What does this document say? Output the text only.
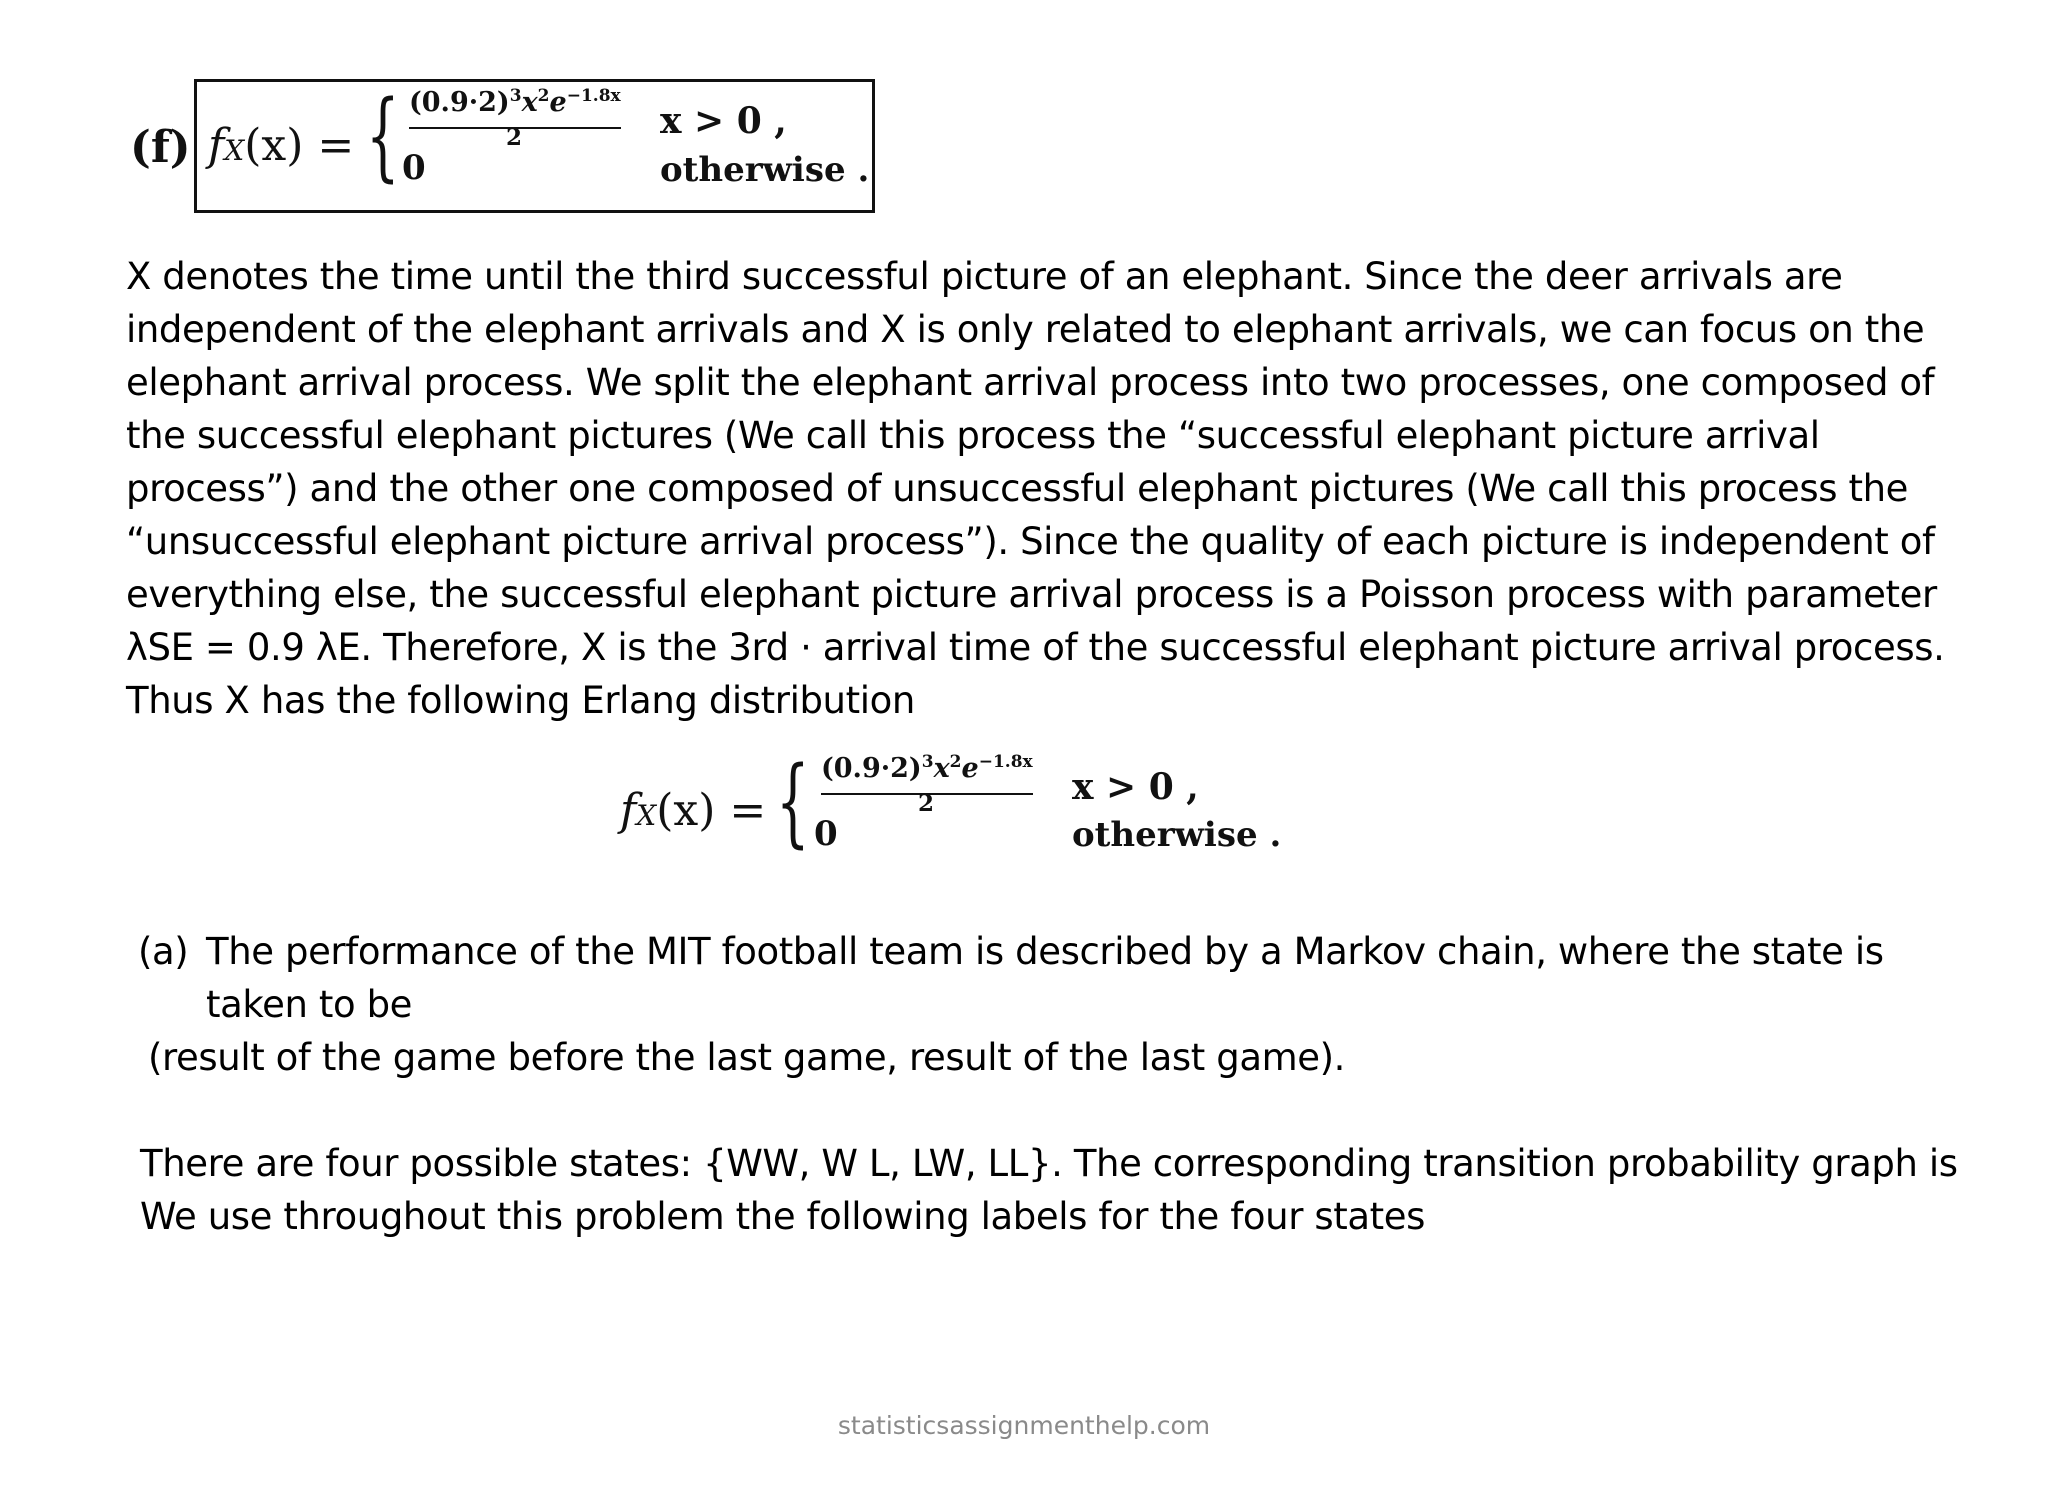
(f) fX(x) = { $(0.9\cdot 2)^3x^2e^{-1.8x}$
2
0
x > 0 ,
otherwise .
X denotes the time until the third successful picture of an elephant. Since the deer arrivals are
independent of the elephant arrivals and X is only related to elephant arrivals, we can focus on the
elephant arrival process. We split the elephant arrival process into two processes, one composed of
the successful elephant pictures (We call this process the “successful elephant picture arrival
process”) and the other one composed of unsuccessful elephant pictures (We call this process the
“unsuccessful elephant picture arrival process”). Since the quality of each picture is independent of
everything else, the successful elephant picture arrival process is a Poisson process with parameter
λSE = 0.9 λE. Therefore, X is the 3rd · arrival time of the successful elephant picture arrival process.
Thus X has the following Erlang distribution
fX(x) = { $(0.9\cdot 2)^3x^2e^{-1.8x}$
2
0
x > 0 ,
otherwise .
(a) The performance of the MIT football team is described by a Markov chain, where the state is
taken to be
(result of the game before the last game, result of the last game).
There are four possible states: {WW, W L, LW, LL}. The corresponding transition probability graph is
We use throughout this problem the following labels for the four states
statisticsassignmenthelp.com
